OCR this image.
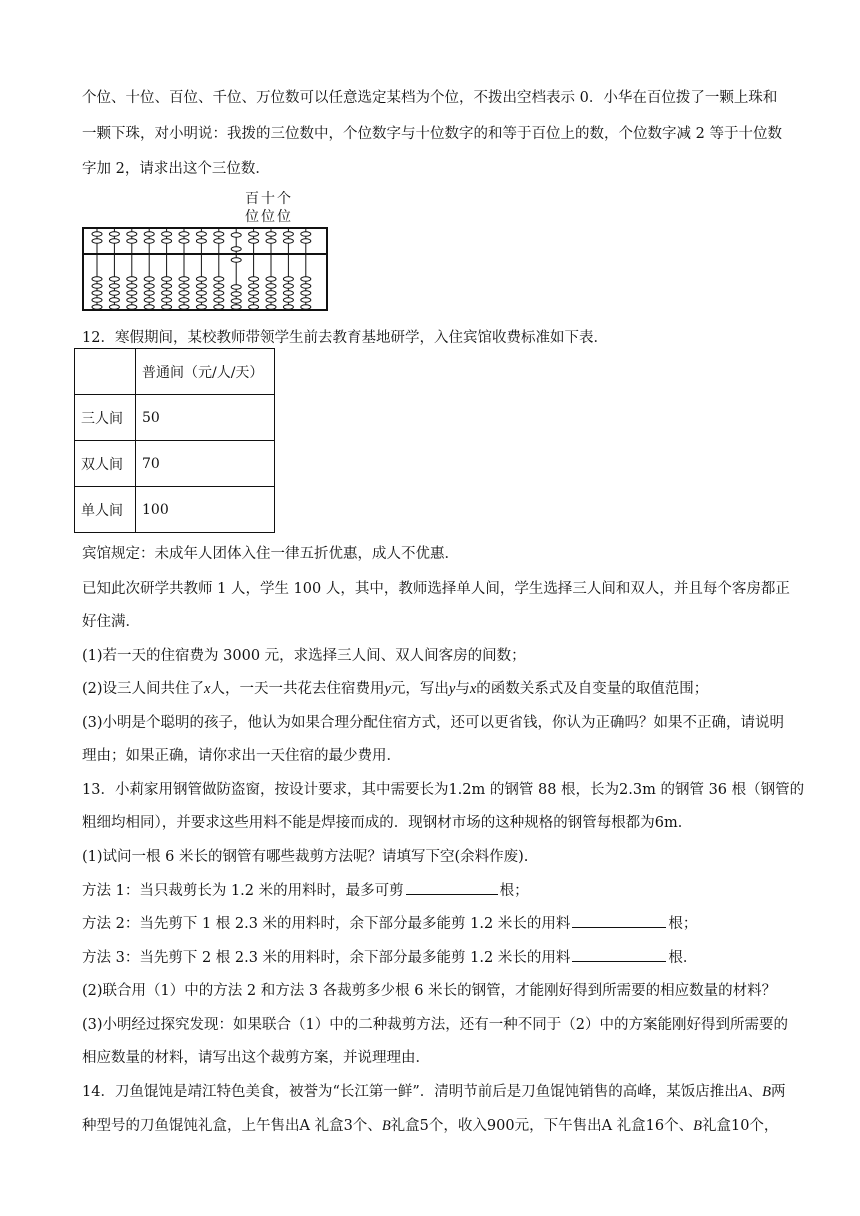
个位、十位、百位、千位、万位数可以任意选定某档为个位，不拨出空档表示 0．小华在百位拨了一颗上珠和

一颗下珠，对小明说：我拨的三位数中，个位数字与十位数字的和等于百位上的数，个位数字减 2 等于十位数

字加 2，请求出这个三位数．

百十个
位位位

12．寒假期间，某校教师带领学生前去教育基地研学，入住宾馆收费标准如下表．

	普通间（元/人/天）
三人间	50
双人间	70
单人间	100

宾馆规定：未成年人团体入住一律五折优惠，成人不优惠．

已知此次研学共教师 1 人，学生 100 人，其中，教师选择单人间，学生选择三人间和双人，并且每个客房都正

好住满．

(1)若一天的住宿费为 3000 元，求选择三人间、双人间客房的间数；

(2)设三人间共住了x人，一天一共花去住宿费用y元，写出y与x的函数关系式及自变量的取值范围；

(3)小明是个聪明的孩子，他认为如果合理分配住宿方式，还可以更省钱，你认为正确吗？如果不正确，请说明

理由；如果正确，请你求出一天住宿的最少费用．

13．小莉家用钢管做防盗窗，按设计要求，其中需要长为1.2m 的钢管 88 根，长为2.3m 的钢管 36 根（钢管的

粗细均相同），并要求这些用料不能是焊接而成的．现钢材市场的这种规格的钢管每根都为6m．

(1)试问一根 6 米长的钢管有哪些裁剪方法呢？请填写下空(余料作废).

方法 1：当只裁剪长为 1.2 米的用料时，最多可剪	根；

方法 2：当先剪下 1 根 2.3 米的用料时，余下部分最多能剪 1.2 米长的用料	根；

方法 3：当先剪下 2 根 2.3 米的用料时，余下部分最多能剪 1.2 米长的用料	根．

(2)联合用（1）中的方法 2 和方法 3 各裁剪多少根 6 米长的钢管，才能刚好得到所需要的相应数量的材料？

(3)小明经过探究发现：如果联合（1）中的二种裁剪方法，还有一种不同于（2）中的方案能刚好得到所需要的

相应数量的材料，请写出这个裁剪方案，并说理理由．

14．刀鱼馄饨是靖江特色美食，被誉为“长江第一鲜”．清明节前后是刀鱼馄饨销售的高峰，某饭店推出A、B两

种型号的刀鱼馄饨礼盒，上午售出A 礼盒3个、B礼盒5个，收入900元，下午售出A 礼盒16个、B礼盒10个，
